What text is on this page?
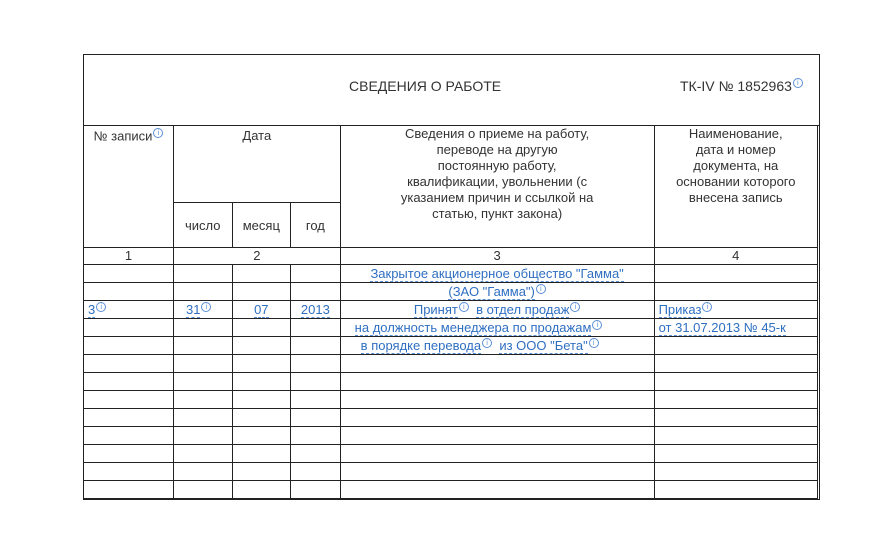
СВЕДЕНИЯ О РАБОТЕ	ТК-IV № 1852963 i
№ записи i	Дата			Сведения о приеме на работу, переводе на другую постоянную работу, квалификации, увольнении (с указанием причин и ссылкой на статью, пункт закона)	Наименование, дата и номер документа, на основании которого внесена запись
	число	месяц	год		
1	2			3	4
				Закрытое акционерное общество "Гамма"	
				(ЗАО "Гамма") i	
3 i	31 i	07	2013	Принят i в отдел продаж i	Приказ i
				на должность менеджера по продажам i	от 31.07.2013 № 45-к
				в порядке перевода i из ООО "Бета" i	
